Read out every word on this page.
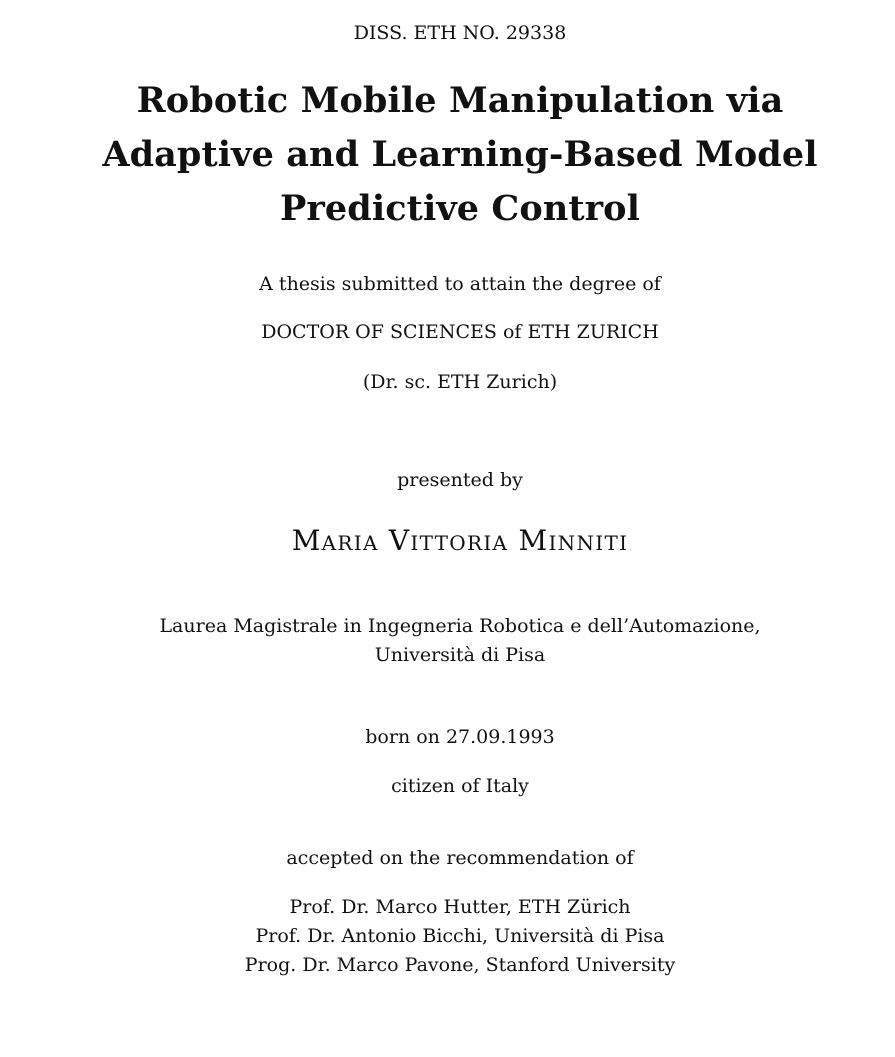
DISS. ETH NO. 29338
Robotic Mobile Manipulation via
Adaptive and Learning-Based Model
Predictive Control
A thesis submitted to attain the degree of
DOCTOR OF SCIENCES of ETH ZURICH
(Dr. sc. ETH Zurich)
presented by
Maria Vittoria Minniti
Laurea Magistrale in Ingegneria Robotica e dell’Automazione,
Università di Pisa
born on 27.09.1993
citizen of Italy
accepted on the recommendation of
Prof. Dr. Marco Hutter, ETH Zürich
Prof. Dr. Antonio Bicchi, Università di Pisa
Prog. Dr. Marco Pavone, Stanford University
